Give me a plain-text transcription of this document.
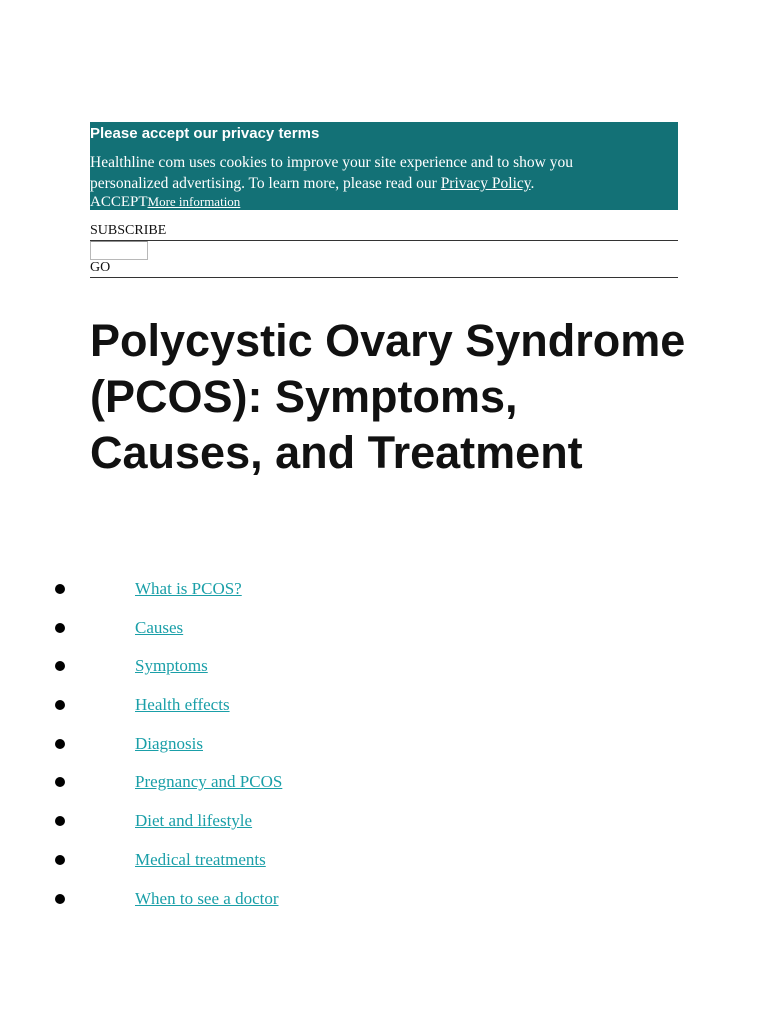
Please accept our privacy terms

Healthline com uses cookies to improve your site experience and to show you personalized advertising. To learn more, please read our Privacy Policy.

ACCEPTMore information
SUBSCRIBE
GO
Polycystic Ovary Syndrome (PCOS): Symptoms, Causes, and Treatment
What is PCOS?
Causes
Symptoms
Health effects
Diagnosis
Pregnancy and PCOS
Diet and lifestyle
Medical treatments
When to see a doctor
